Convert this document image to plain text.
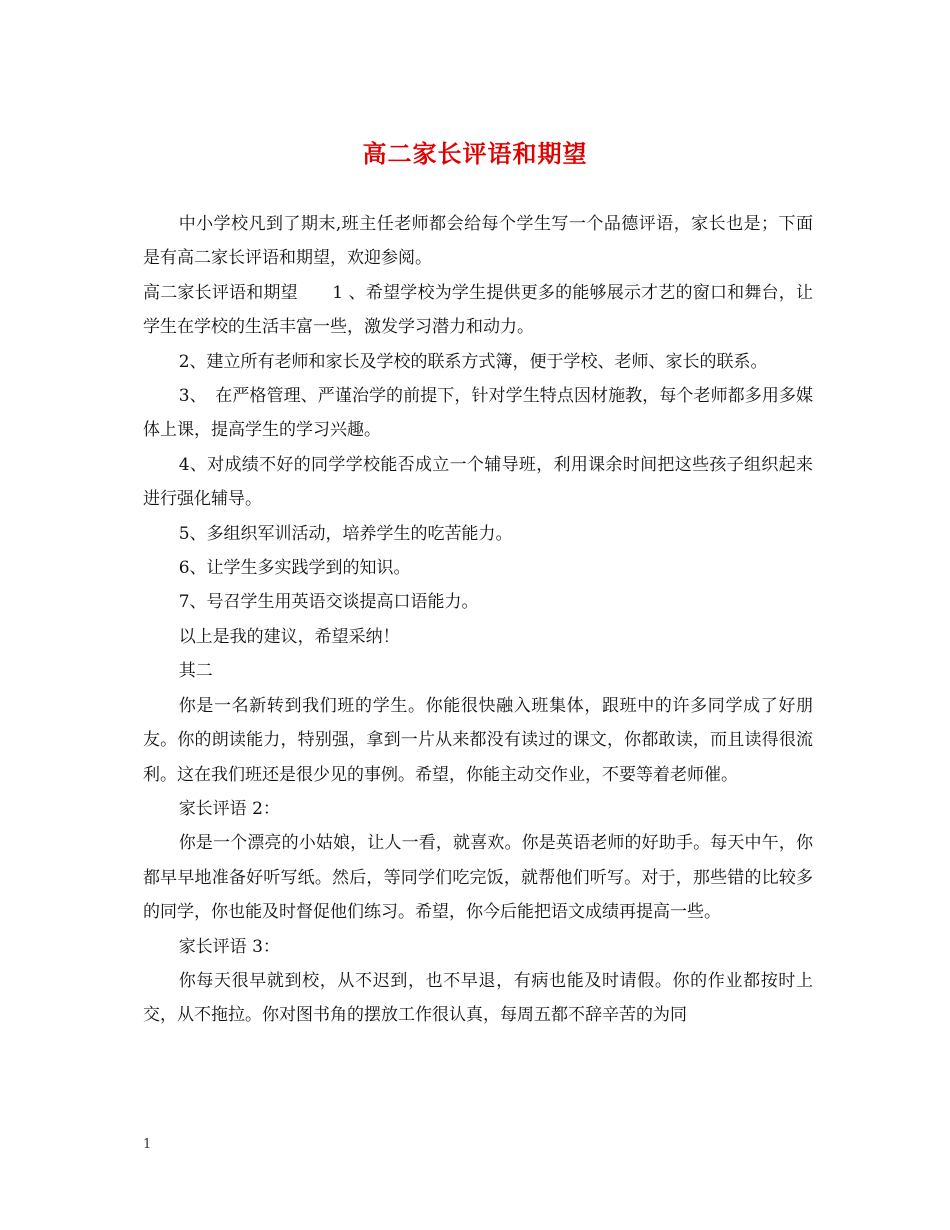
高二家长评语和期望

中小学校凡到了期末,班主任老师都会给每个学生写一个品德评语，家长也是；下面是有高二家长评语和期望，欢迎参阅。

高二家长评语和期望　　1 、希望学校为学生提供更多的能够展示才艺的窗口和舞台，让学生在学校的生活丰富一些，激发学习潜力和动力。

2、建立所有老师和家长及学校的联系方式簿，便于学校、老师、家长的联系。

3、　在严格管理、严谨治学的前提下，针对学生特点因材施教，每个老师都多用多媒体上课，提高学生的学习兴趣。

4、对成绩不好的同学学校能否成立一个辅导班，利用课余时间把这些孩子组织起来进行强化辅导。

5、多组织军训活动，培养学生的吃苦能力。

6、让学生多实践学到的知识。

7、号召学生用英语交谈提高口语能力。

以上是我的建议，希望采纳！

其二

你是一名新转到我们班的学生。你能很快融入班集体，跟班中的许多同学成了好朋友。你的朗读能力，特别强，拿到一片从来都没有读过的课文，你都敢读，而且读得很流利。这在我们班还是很少见的事例。希望，你能主动交作业，不要等着老师催。

家长评语 2：

你是一个漂亮的小姑娘，让人一看，就喜欢。你是英语老师的好助手。每天中午，你都早早地准备好听写纸。然后，等同学们吃完饭，就帮他们听写。对于，那些错的比较多的同学，你也能及时督促他们练习。希望，你今后能把语文成绩再提高一些。

家长评语 3：

你每天很早就到校，从不迟到，也不早退，有病也能及时请假。你的作业都按时上交，从不拖拉。你对图书角的摆放工作很认真，每周五都不辞辛苦的为同

1
